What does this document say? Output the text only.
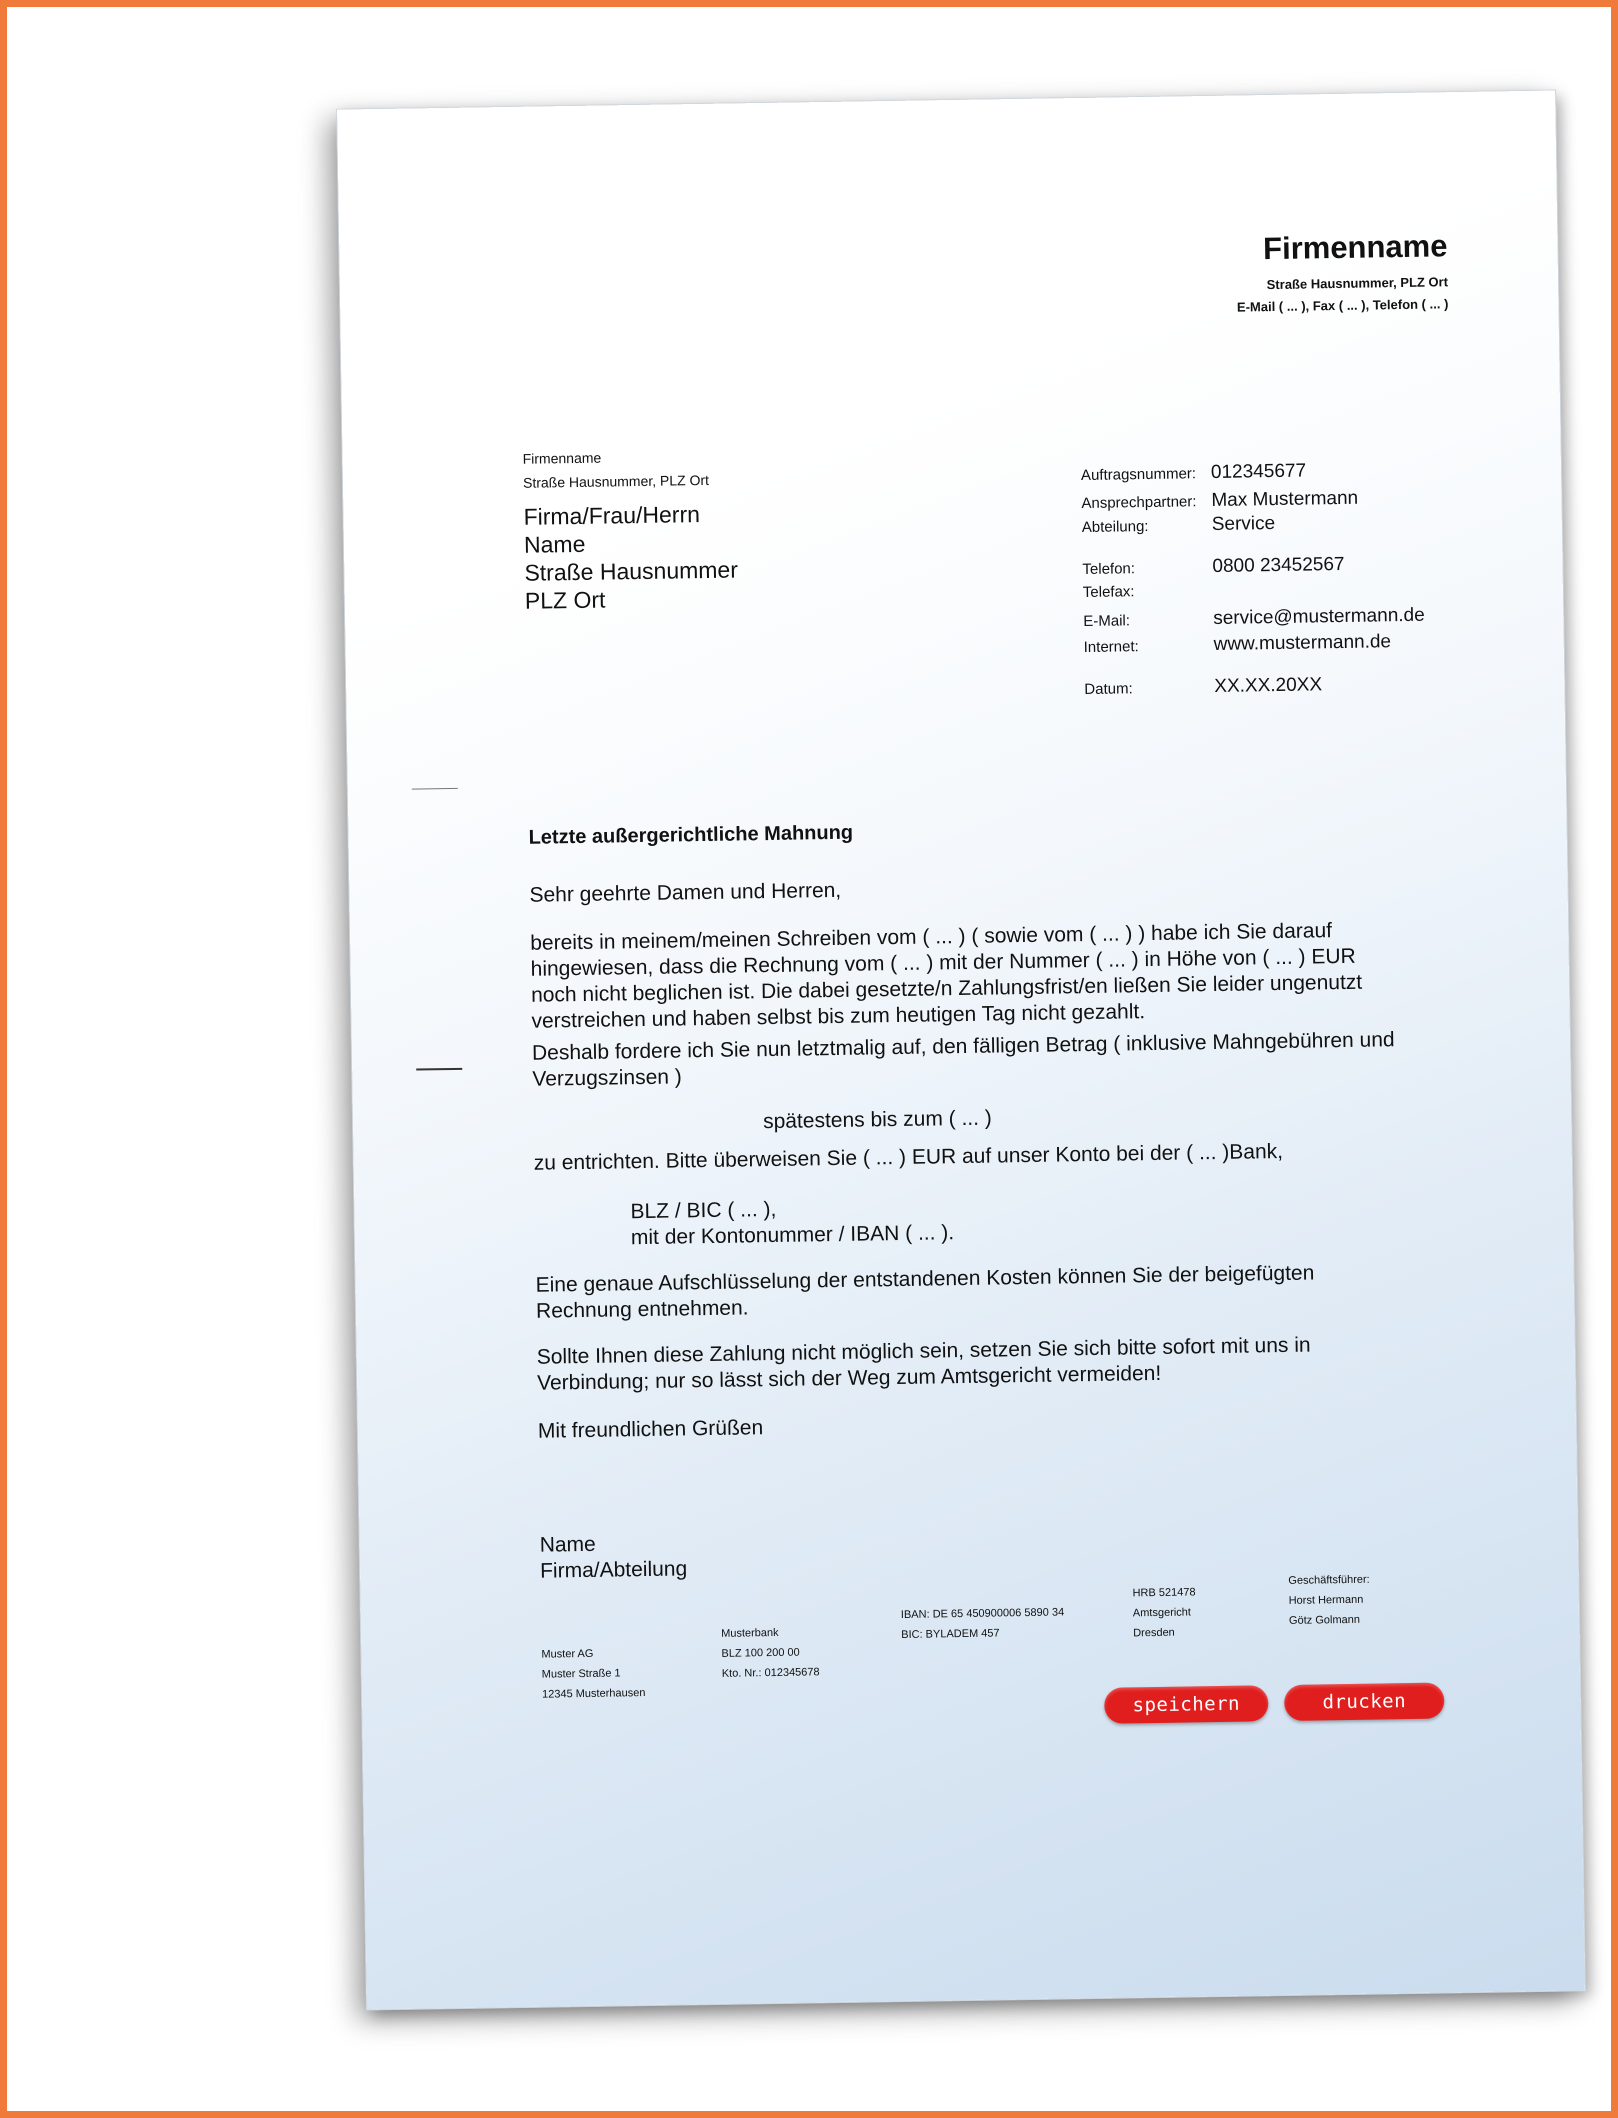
Firmenname
Straße Hausnummer, PLZ Ort
E-Mail ( ... ), Fax ( ... ), Telefon ( ... )
Firmenname
Straße Hausnummer, PLZ Ort
Firma/Frau/Herrn
Name
Straße Hausnummer
PLZ Ort
Auftragsnummer: 012345677
Ansprechpartner: Max Mustermann
Abteilung:	Service
Telefon:	0800 23452567
Telefax:
E-Mail:	service@mustermann.de
Internet:	www.mustermann.de
Datum:	XX.XX.20XX
Letzte außergerichtliche Mahnung
Sehr geehrte Damen und Herren,
bereits in meinem/meinen Schreiben vom ( ... ) ( sowie vom ( ... ) ) habe ich Sie darauf
hingewiesen, dass die Rechnung vom ( ... ) mit der Nummer ( ... ) in Höhe von ( ... ) EUR
noch nicht beglichen ist. Die dabei gesetzte/n Zahlungsfrist/en ließen Sie leider ungenutzt
verstreichen und haben selbst bis zum heutigen Tag nicht gezahlt.
Deshalb fordere ich Sie nun letztmalig auf, den fälligen Betrag ( inklusive Mahngebühren und
Verzugszinsen )
spätestens bis zum ( ... )
zu entrichten. Bitte überweisen Sie ( ... ) EUR auf unser Konto bei der ( ... )Bank,
BLZ / BIC ( ... ),
mit der Kontonummer / IBAN ( ... ).
Eine genaue Aufschlüsselung der entstandenen Kosten können Sie der beigefügten
Rechnung entnehmen.
Sollte Ihnen diese Zahlung nicht möglich sein, setzen Sie sich bitte sofort mit uns in
Verbindung; nur so lässt sich der Weg zum Amtsgericht vermeiden!
Mit freundlichen Grüßen
Name
Firma/Abteilung
Muster AG
Muster Straße 1
12345 Musterhausen
Musterbank
BLZ 100 200 00
Kto. Nr.: 012345678
IBAN: DE 65 450900006 5890 34
BIC: BYLADEM 457
HRB 521478
Amtsgericht
Dresden
Geschäftsführer:
Horst Hermann
Götz Golmann
speichern	drucken
